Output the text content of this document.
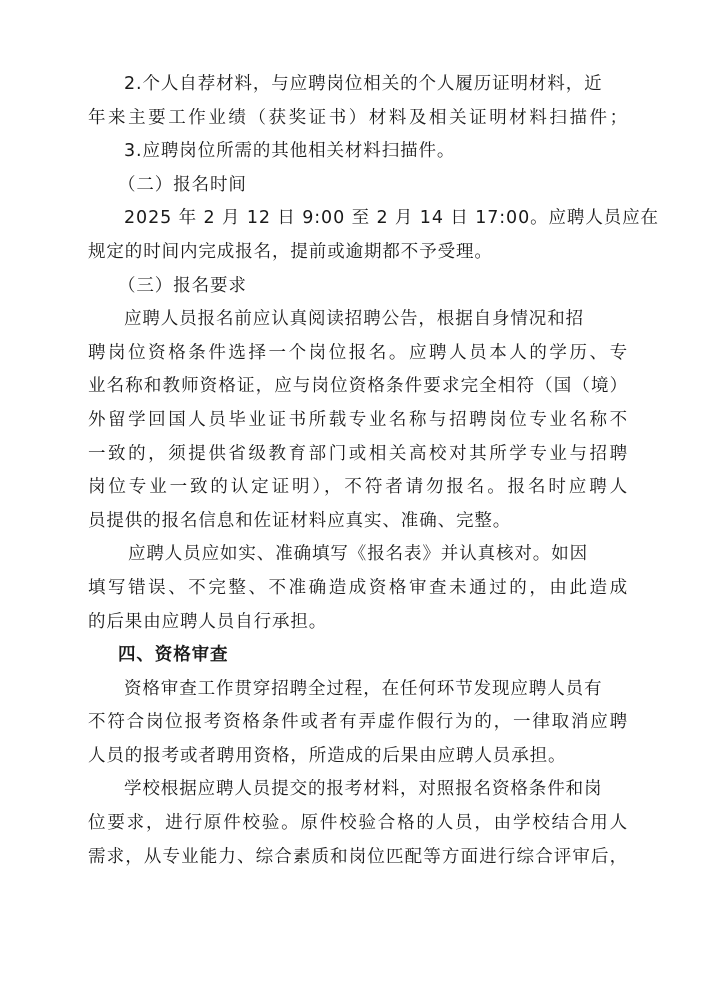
2.个人自荐材料，与应聘岗位相关的个人履历证明材料，近
年来主要工作业绩（获奖证书）材料及相关证明材料扫描件；
3.应聘岗位所需的其他相关材料扫描件。
（二）报名时间
2025 年 2 月 12 日 9:00 至 2 月 14 日 17:00。应聘人员应在
规定的时间内完成报名，提前或逾期都不予受理。
（三）报名要求
应聘人员报名前应认真阅读招聘公告，根据自身情况和招
聘岗位资格条件选择一个岗位报名。应聘人员本人的学历、专
业名称和教师资格证，应与岗位资格条件要求完全相符（国（境）
外留学回国人员毕业证书所载专业名称与招聘岗位专业名称不
一致的，须提供省级教育部门或相关高校对其所学专业与招聘
岗位专业一致的认定证明），不符者请勿报名。报名时应聘人
员提供的报名信息和佐证材料应真实、准确、完整。
应聘人员应如实、准确填写《报名表》并认真核对。如因
填写错误、不完整、不准确造成资格审查未通过的，由此造成
的后果由应聘人员自行承担。
四、资格审查
资格审查工作贯穿招聘全过程，在任何环节发现应聘人员有
不符合岗位报考资格条件或者有弄虚作假行为的，一律取消应聘
人员的报考或者聘用资格，所造成的后果由应聘人员承担。
学校根据应聘人员提交的报考材料，对照报名资格条件和岗
位要求，进行原件校验。原件校验合格的人员，由学校结合用人
需求，从专业能力、综合素质和岗位匹配等方面进行综合评审后，
